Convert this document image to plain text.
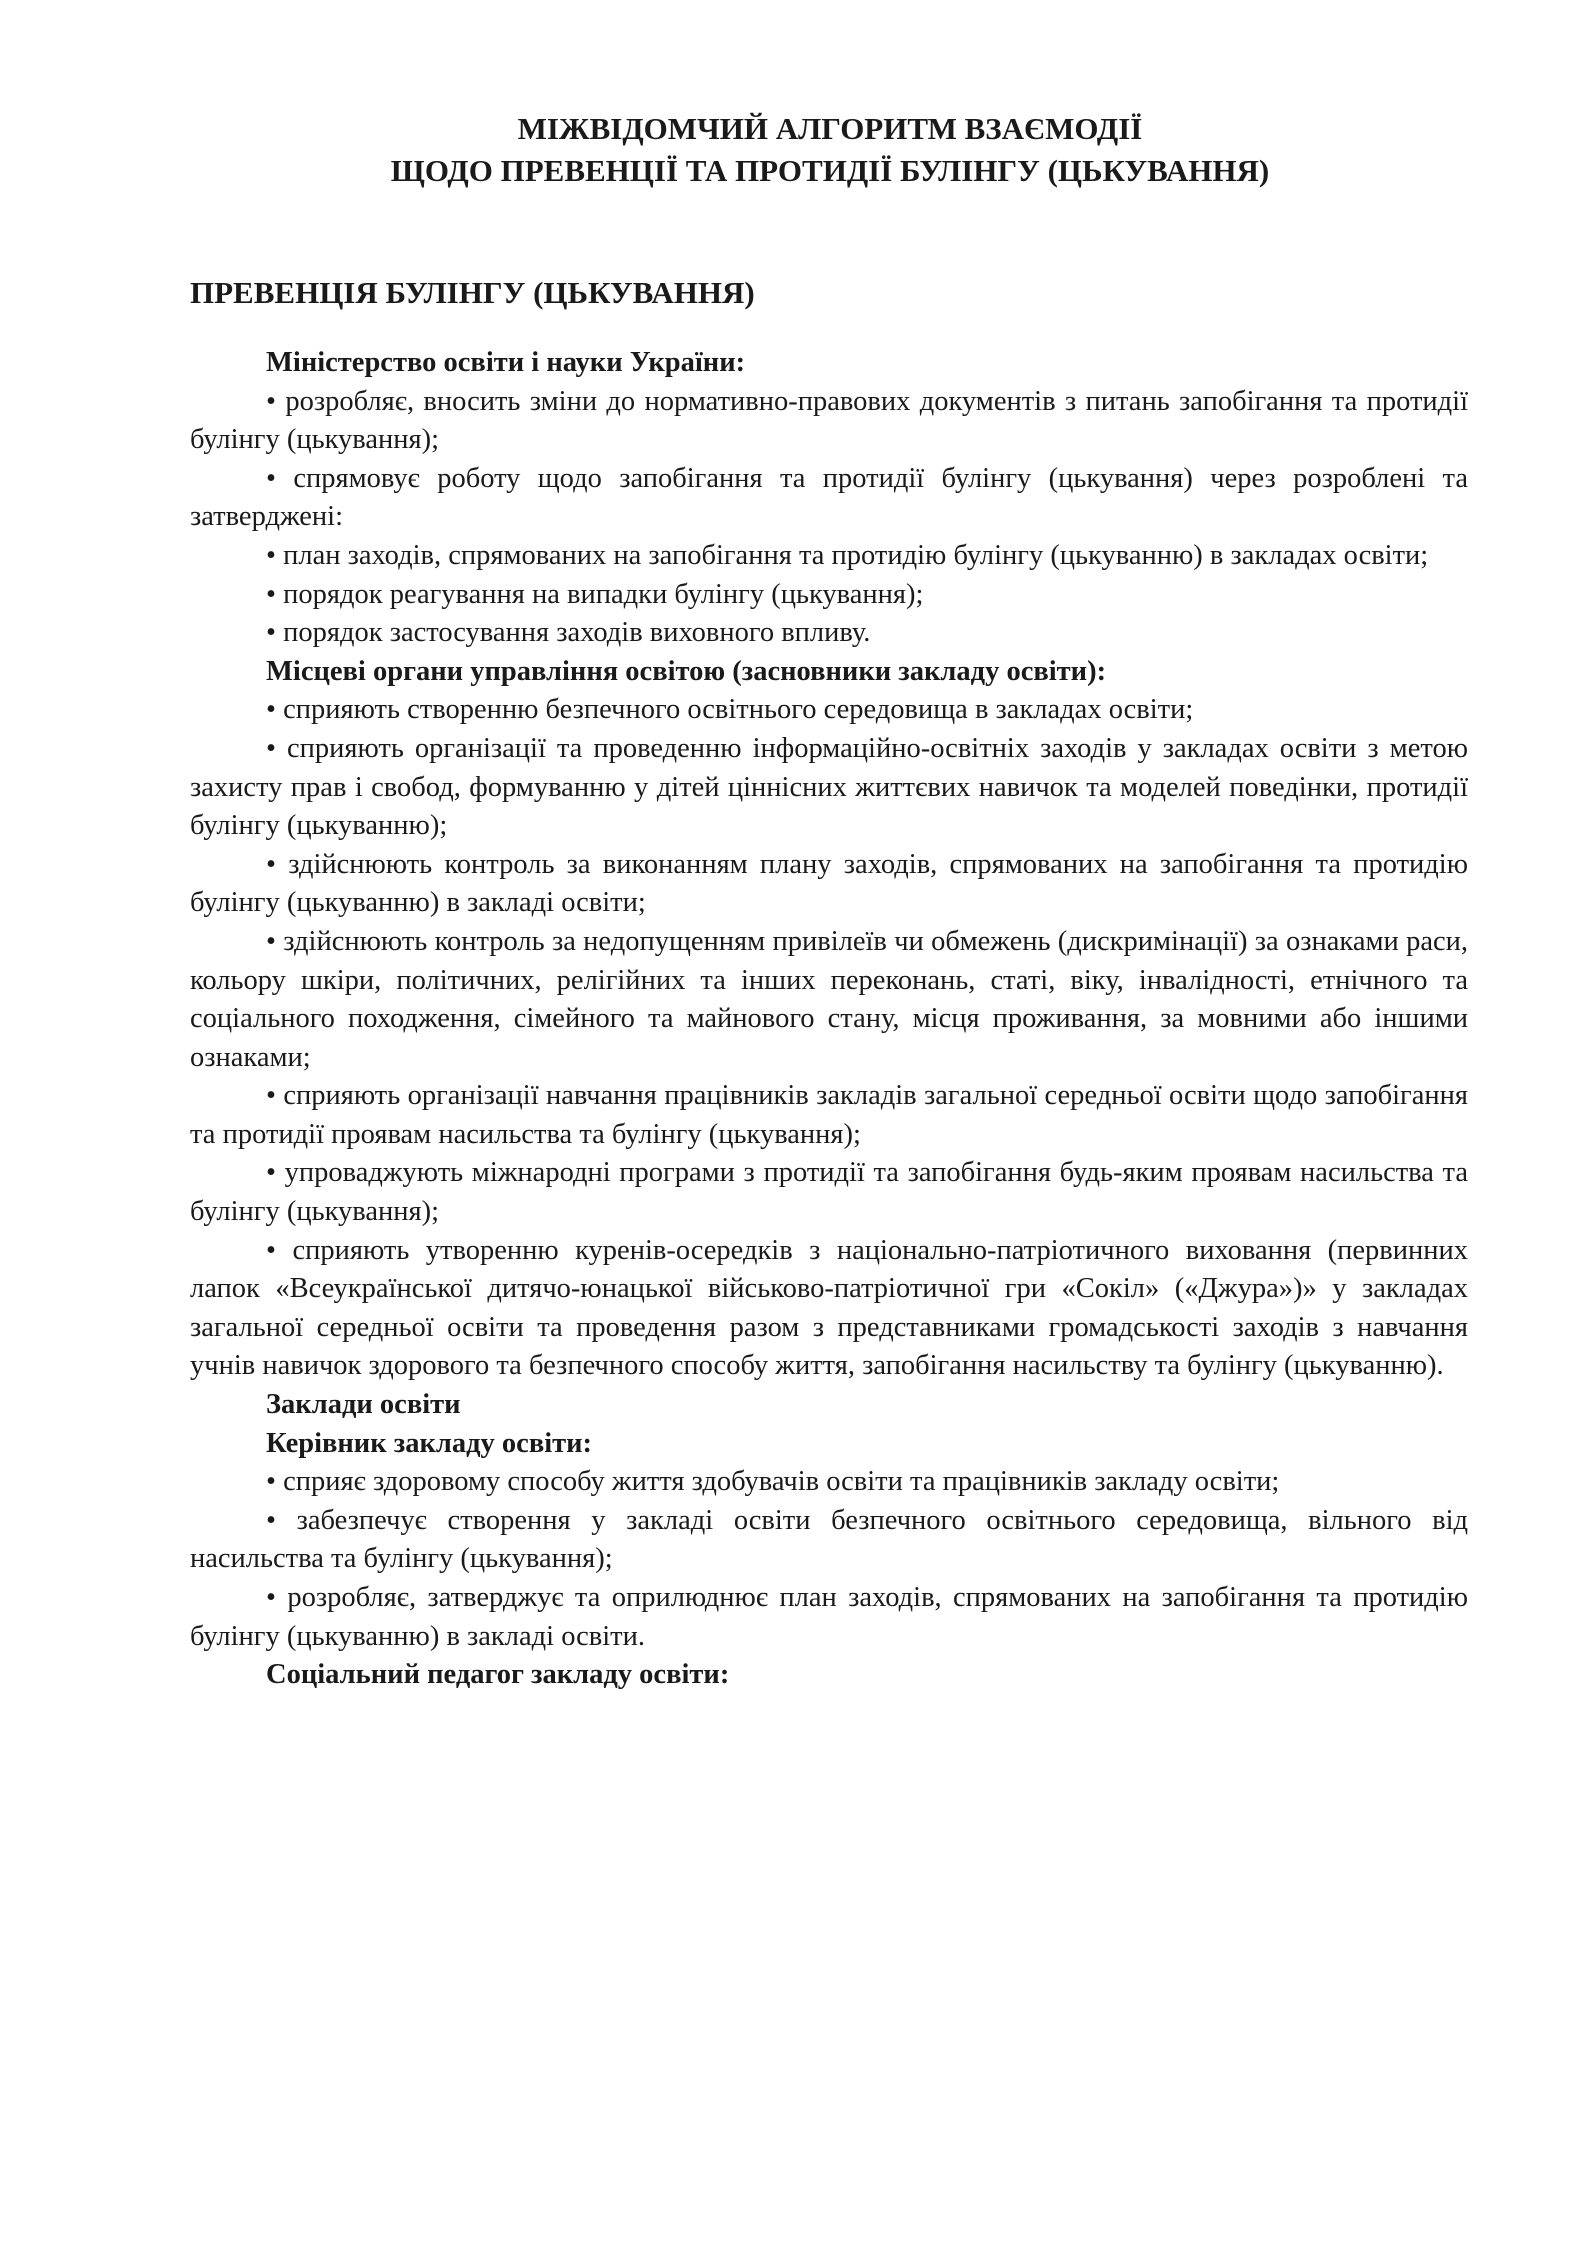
МІЖВІДОМЧИЙ АЛГОРИТМ ВЗАЄМОДІЇ
ЩОДО ПРЕВЕНЦІЇ ТА ПРОТИДІЇ БУЛІНГУ (ЦЬКУВАННЯ)
ПРЕВЕНЦІЯ БУЛІНГУ (ЦЬКУВАННЯ)

Міністерство освіти і науки України:

• розробляє, вносить зміни до нормативно-правових документів з питань запобігання та протидії булінгу (цькування);

• спрямовує роботу щодо запобігання та протидії булінгу (цькування) через розроблені та затверджені:

• план заходів, спрямованих на запобігання та протидію булінгу (цькуванню) в закладах освіти;

• порядок реагування на випадки булінгу (цькування);

• порядок застосування заходів виховного впливу.

Місцеві органи управління освітою (засновники закладу освіти):

• сприяють створенню безпечного освітнього середовища в закладах освіти;

• сприяють організації та проведенню інформаційно-освітніх заходів у закладах освіти з метою захисту прав і свобод, формуванню у дітей ціннісних життєвих навичок та моделей поведінки, протидії булінгу (цькуванню);

• здійснюють контроль за виконанням плану заходів, спрямованих на запобігання та протидію булінгу (цькуванню) в закладі освіти;

• здійснюють контроль за недопущенням привілеїв чи обмежень (дискримінації) за ознаками раси, кольору шкіри, політичних, релігійних та інших переконань, статі, віку, інвалідності, етнічного та соціального походження, сімейного та майнового стану, місця проживання, за мовними або іншими ознаками;

• сприяють організації навчання працівників закладів загальної середньої освіти щодо запобігання та протидії проявам насильства та булінгу (цькування);

• упроваджують міжнародні програми з протидії та запобігання будь-яким проявам насильства та булінгу (цькування);

• сприяють утворенню куренів-осередків з національно-патріотичного виховання (первинних лапок «Всеукраїнської дитячо-юнацької військово-патріотичної гри «Сокіл» («Джура»)» у закладах загальної середньої освіти та проведення разом з представниками громадськості заходів з навчання учнів навичок здорового та безпечного способу життя, запобігання насильству та булінгу (цькуванню).

Заклади освіти

Керівник закладу освіти:

• сприяє здоровому способу життя здобувачів освіти та працівників закладу освіти;

• забезпечує створення у закладі освіти безпечного освітнього середовища, вільного від насильства та булінгу (цькування);

• розробляє, затверджує та оприлюднює план заходів, спрямованих на запобігання та протидію булінгу (цькуванню) в закладі освіти.

Соціальний педагог закладу освіти:
